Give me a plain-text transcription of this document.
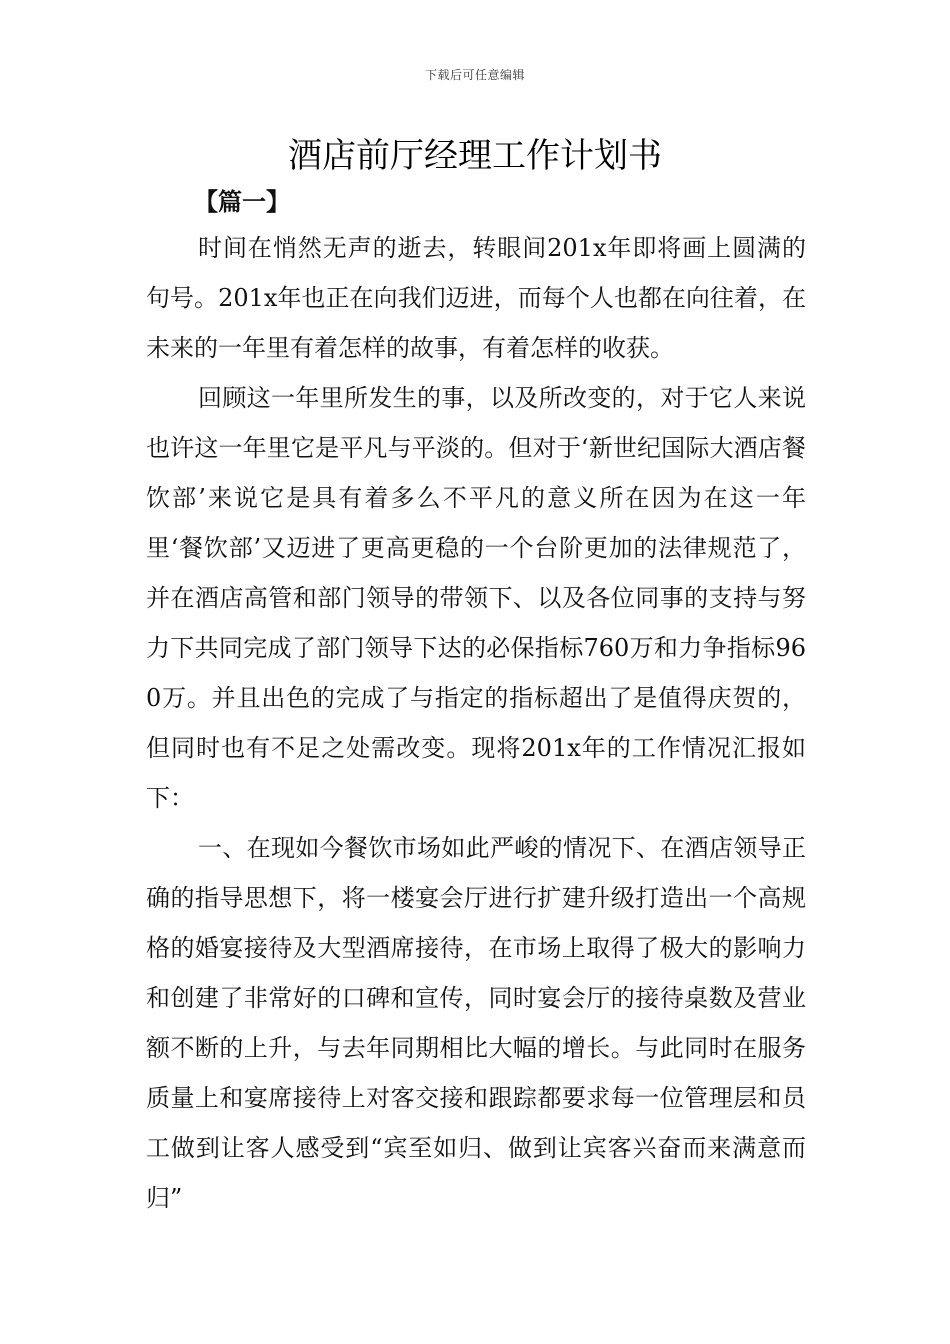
下载后可任意编辑
酒店前厅经理工作计划书
【篇一】

时间在悄然无声的逝去，转眼间201x年即将画上圆满的句号。201x年也正在向我们迈进，而每个人也都在向往着，在未来的一年里有着怎样的故事，有着怎样的收获。

回顾这一年里所发生的事，以及所改变的，对于它人来说也许这一年里它是平凡与平淡的。但对于‘新世纪国际大酒店餐饮部’来说它是具有着多么不平凡的意义所在因为在这一年里‘餐饮部’又迈进了更高更稳的一个台阶更加的法律规范了，并在酒店高管和部门领导的带领下、以及各位同事的支持与努力下共同完成了部门领导下达的必保指标760万和力争指标960万。并且出色的完成了与指定的指标超出了是值得庆贺的，但同时也有不足之处需改变。现将201x年的工作情况汇报如下：

一、在现如今餐饮市场如此严峻的情况下、在酒店领导正确的指导思想下，将一楼宴会厅进行扩建升级打造出一个高规格的婚宴接待及大型酒席接待，在市场上取得了极大的影响力和创建了非常好的口碑和宣传，同时宴会厅的接待桌数及营业额不断的上升，与去年同期相比大幅的增长。与此同时在服务质量上和宴席接待上对客交接和跟踪都要求每一位管理层和员工做到让客人感受到“宾至如归、做到让宾客兴奋而来满意而归”
